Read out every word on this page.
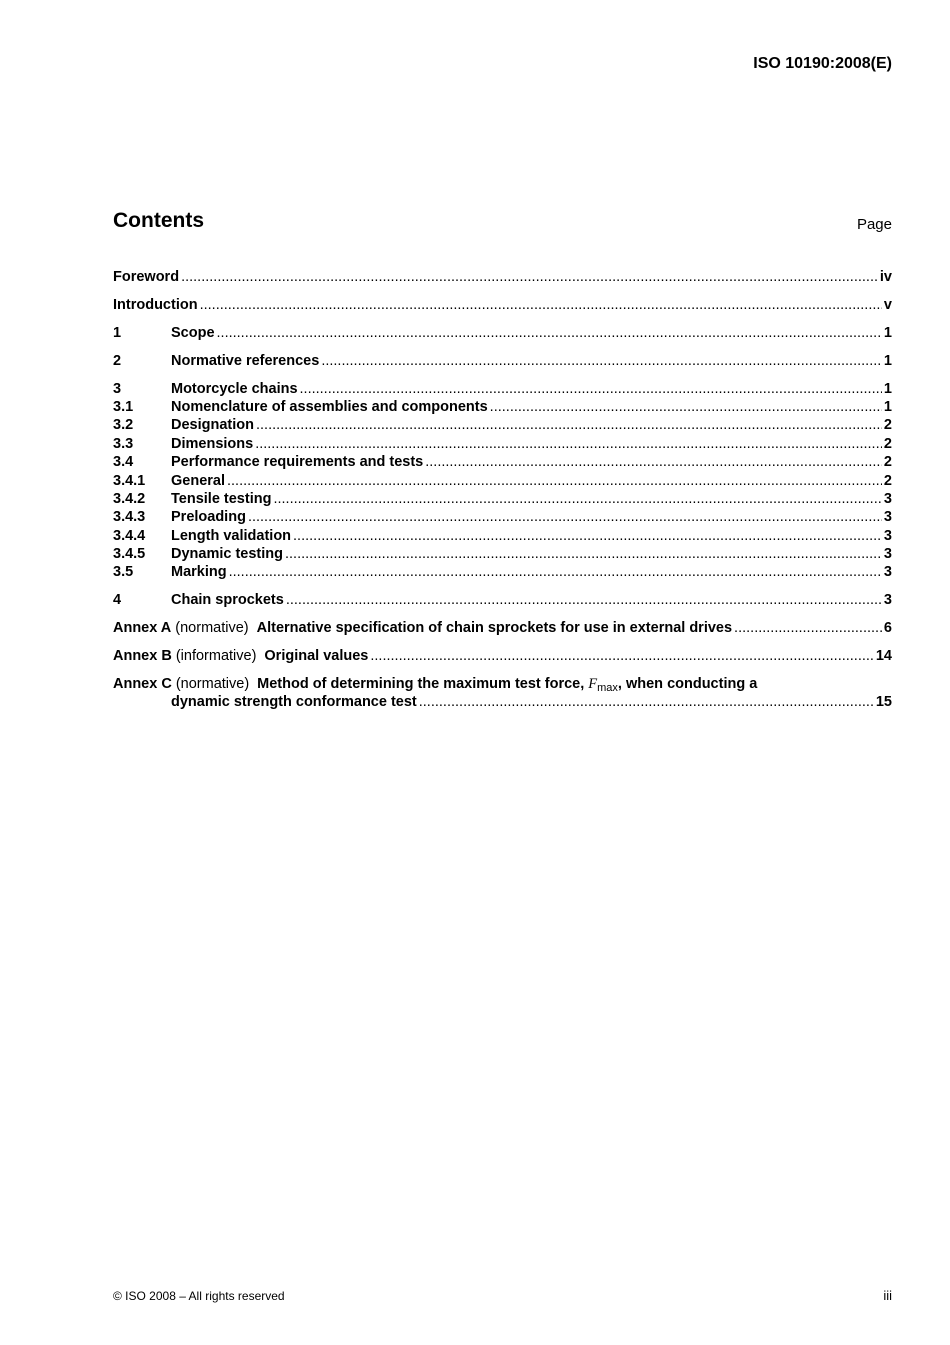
ISO 10190:2008(E)
Contents	Page
Foreword .....	iv
Introduction .....	v
1	Scope .....	1
2	Normative references .....	1
3	Motorcycle chains .....	1
3.1	Nomenclature of assemblies and components .....	1
3.2	Designation .....	2
3.3	Dimensions .....	2
3.4	Performance requirements and tests .....	2
3.4.1	General .....	2
3.4.2	Tensile testing .....	3
3.4.3	Preloading .....	3
3.4.4	Length validation .....	3
3.4.5	Dynamic testing .....	3
3.5	Marking .....	3
4	Chain sprockets .....	3
Annex A (normative) Alternative specification of chain sprockets for use in external drives .....	6
Annex B (informative) Original values .....	14
Annex C (normative) Method of determining the maximum test force, $F_{max}$, when conducting a
dynamic strength conformance test .....	15
© ISO 2008 – All rights reserved	iii
